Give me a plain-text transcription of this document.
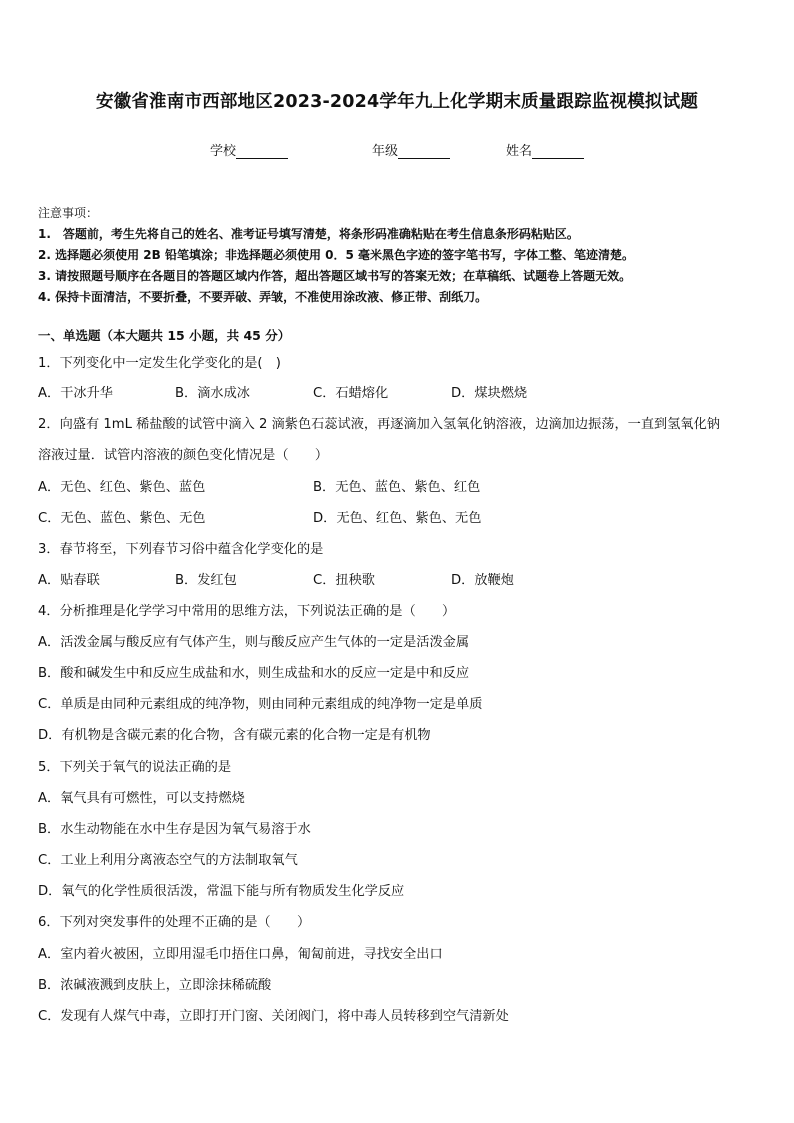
安徽省淮南市西部地区2023-2024学年九上化学期末质量跟踪监视模拟试题
学校	年级	姓名
注意事项：
1.　答题前，考生先将自己的姓名、准考证号填写清楚，将条形码准确粘贴在考生信息条形码粘贴区。
2. 选择题必须使用 2B 铅笔填涂；非选择题必须使用 0．5 毫米黑色字迹的签字笔书写，字体工整、笔迹清楚。
3. 请按照题号顺序在各题目的答题区域内作答，超出答题区域书写的答案无效；在草稿纸、试题卷上答题无效。
4. 保持卡面清洁，不要折叠，不要弄破、弄皱，不准使用涂改液、修正带、刮纸刀。
一、单选题（本大题共 15 小题，共 45 分）
1．下列变化中一定发生化学变化的是(　)
A．干冰升华	B．滴水成冰	C．石蜡熔化	D．煤块燃烧
2．向盛有 1mL 稀盐酸的试管中滴入 2 滴紫色石蕊试液，再逐滴加入氢氧化钠溶液，边滴加边振荡，一直到氢氧化钠
溶液过量．试管内溶液的颜色变化情况是（　　）
A．无色、红色、紫色、蓝色	B．无色、蓝色、紫色、红色
C．无色、蓝色、紫色、无色	D．无色、红色、紫色、无色
3．春节将至，下列春节习俗中蕴含化学变化的是
A．贴春联	B．发红包	C．扭秧歌	D．放鞭炮
4．分析推理是化学学习中常用的思维方法，下列说法正确的是（　　）
A．活泼金属与酸反应有气体产生，则与酸反应产生气体的一定是活泼金属
B．酸和碱发生中和反应生成盐和水，则生成盐和水的反应一定是中和反应
C．单质是由同种元素组成的纯净物，则由同种元素组成的纯净物一定是单质
D．有机物是含碳元素的化合物，含有碳元素的化合物一定是有机物
5．下列关于氧气的说法正确的是
A．氧气具有可燃性，可以支持燃烧
B．水生动物能在水中生存是因为氧气易溶于水
C．工业上利用分离液态空气的方法制取氧气
D．氧气的化学性质很活泼，常温下能与所有物质发生化学反应
6．下列对突发事件的处理不正确的是（　　）
A．室内着火被困，立即用湿毛巾捂住口鼻，匍匐前进，寻找安全出口
B．浓碱液溅到皮肤上，立即涂抹稀硫酸
C．发现有人煤气中毒，立即打开门窗、关闭阀门，将中毒人员转移到空气清新处
